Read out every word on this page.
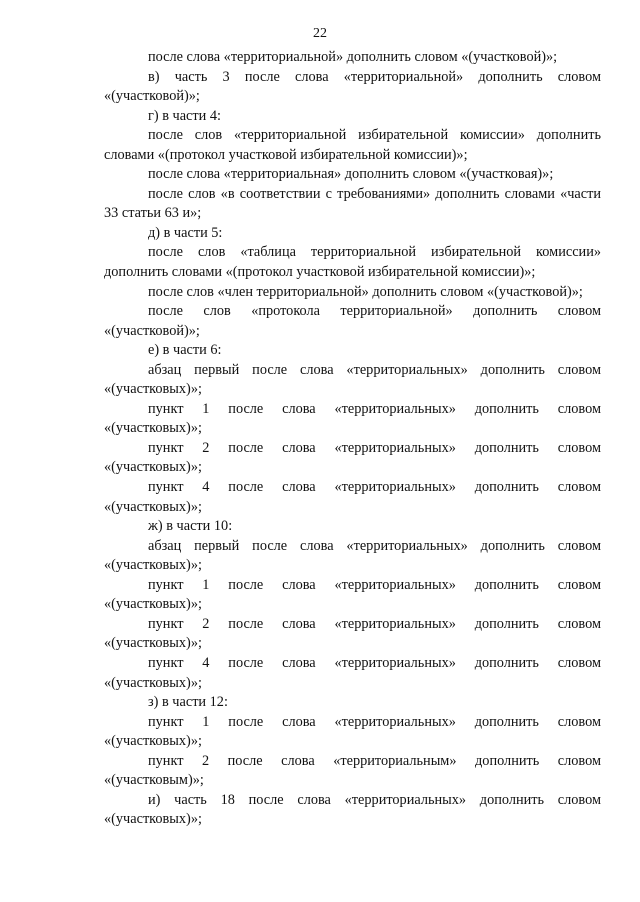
22

после слова «территориальной» дополнить словом «(участковой)»;

в) часть 3 после слова «территориальной» дополнить словом «(участковой)»;

г) в части 4:

после слов «территориальной избирательной комиссии» дополнить словами «(протокол участковой избирательной комиссии)»;

после слова «территориальная» дополнить словом «(участковая)»;

после слов «в соответствии с требованиями» дополнить словами «части 33 статьи 63 и»;

д) в части 5:

после слов «таблица территориальной избирательной комиссии» дополнить словами «(протокол участковой избирательной комиссии)»;

после слов «член территориальной» дополнить словом «(участковой)»;

после слов «протокола территориальной» дополнить словом «(участковой)»;

е) в части 6:

абзац первый после слова «территориальных» дополнить словом «(участковых)»;

пункт 1 после слова «территориальных» дополнить словом «(участковых)»;

пункт 2 после слова «территориальных» дополнить словом «(участковых)»;

пункт 4 после слова «территориальных» дополнить словом «(участковых)»;

ж) в части 10:

абзац первый после слова «территориальных» дополнить словом «(участковых)»;

пункт 1 после слова «территориальных» дополнить словом «(участковых)»;

пункт 2 после слова «территориальных» дополнить словом «(участковых)»;

пункт 4 после слова «территориальных» дополнить словом «(участковых)»;

з) в части 12:

пункт 1 после слова «территориальных» дополнить словом «(участковых)»;

пункт 2 после слова «территориальным» дополнить словом «(участковым)»;

и) часть 18 после слова «территориальных» дополнить словом «(участковых)»;
